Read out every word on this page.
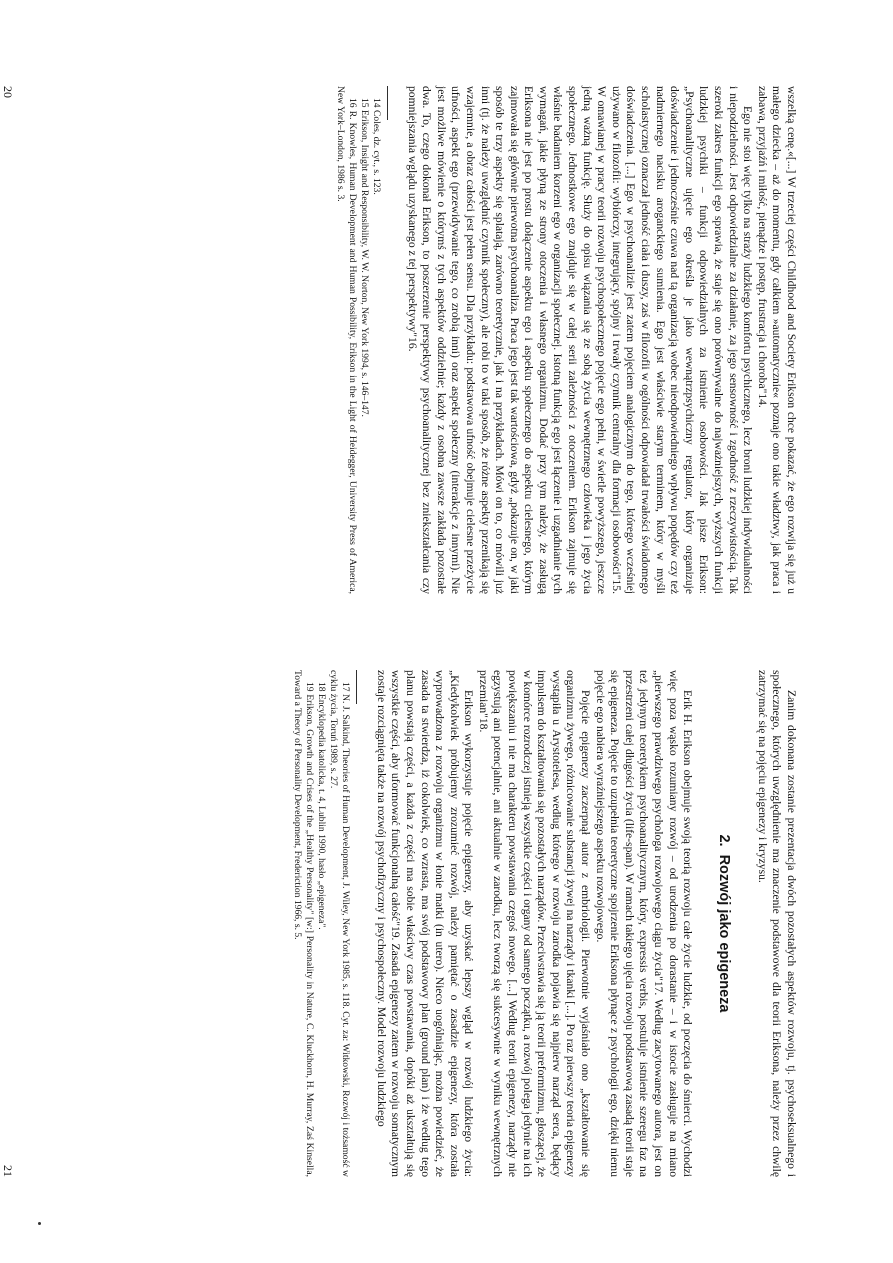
wszelką cenę.«[...] W trzeciej części Childhood and Society Erikson chce pokazać, że ego rozwija się już u małego dziecka – aż do momentu, gdy całkiem »automatycznie« poznaje ono takie władztwy, jak praca i zabawa, przyjaźń i miłość, pienądze i postęp, frustracja i choroba"14.

Ego nie stoi więc tylko na straży ludzkiego komfortu psychicznego, lecz broni ludzkiej indywidualności i niepodzielności. Jest odpowiedzialne za działanie, za jego sensowność i zgodność z rzeczywistością. Tak szeroki zakres funkcji ego sprawia, że staje się ono porównywalne do najważniejszych, wyższych funkcji ludzkiej psychiki – funkcji odpowiedzialnych za istnienie osobowości. Jak pisze Erikson: „Psychoanalityczne ujęcie ego określa je jako wewnątrzpsychiczny regulator, który organizuje doświadczenie i jednocześnie czuwa nad tą organizacją wobec nieodpowiedniego wpływu popędów czy też nadmiernego nacisku aroganckiego sumienia. Ego jest właściwie starym terminem, który w myśli scholastycznej oznaczał jedność ciała i duszy, zaś w filozofii w ogólności odpowiadał trwałości świadomego doświadczenia. [...] Ego w psychoanalizie jest zatem pojęciem analogicznym do tego, którego wcześniej używano w filozofii: wybiórczy, integrujący, spójny i trwały czynnik centralny dla formacji osobowości"15. W omawianej w pracy teorii rozwoju psychospołecznego pojęcie ego pełni, w świetle powyższego, jeszcze jedną ważną funkcję. Służy do opisu wiązania się ze sobą życia wewnętrznego człowieka i jego życia społecznego. Jednostkowe ego znajduje się w całej serii zależności z otoczeniem. Erikson zajmuje się właśnie badaniem korzeni ego w organizacji społecznej. Istotną funkcją ego jest łączenie i uzgadnianie tych wymagań, jakie płyną ze strony otoczenia i własnego organizmu. Dodać przy tym należy, że zasługą Eriksona nie jest po prostu dołączenie aspektu ego i aspektu społecznego do aspektu cielesnego, którym zajmowała się głównie pierwotna psychoanaliza. Praca jego jest tak wartościowa, gdyż „pokazuje on, w jaki sposób te trzy aspekty się splatają, zarówno teoretycznie, jak i na przykładach. Mówi on to, co mówili już inni (tj. że należy uwzględnić czynnik społeczny), ale robi to w taki sposób, że różne aspekty przenikają się wzajemnie, a obraz całości jest pełen sensu. Dla przykładu: podstawowa ufność obejmuje cielesne przeżycie ufności, aspekt ego (przewidywanie tego, co zrobią inni) oraz aspekt społeczny (interakcje z innymi). Nie jest możliwe mówienie o którymś z tych aspektów oddzielnie; każdy z osobna zawsze zakłada pozostałe dwa. To, czego dokonał Erikson, to poszerzenie perspektywy psychoanalitycznej bez zniekształcania czy pomniejszania wglądu uzyskanego z tej perspektywy"16.

14 Coles, dz. cyt., s. 123.

15 Erikson, Insight and Responsibility, W. W. Norton, New York 1994, s. 146–147.

16 R. Knowles, Human Development and Human Possibility, Erikson in the Light of Heidegger, University Press of America, New York–London, 1986 s. 3.

20

Zanim dokonana zostanie prezentacja dwóch pozostałych aspektów rozwoju, tj. psychoseksualnego i społecznego, których uwzględnienie ma znaczenie podstawowe dla teorii Eriksona, należy przez chwilę zatrzymać się na pojęciu epigenezy i kryzysu.

2.Rozwój jako epigeneza

Erik H. Erikson obejmuje swoją teorią rozwoju całe życie ludzkie, od poczęcia do śmierci. Wychodzi więc poza wąsko rozumiany rozwój – od urodzenia po dorastanie – i w istocie zasługuje na miano „pierwszego prawdziwego psychologa rozwojowego ciągu życia"17. Według zacytowanego autora, jest on też jedynym teoretykiem psychoanalitycznym, który, expressis verbis, postuluje istnienie szeregu faz na przestrzeni całej długości życia (life-span). W ramach takiego ujęcia rozwoju podstawową zasadą teorii staje się epigeneza. Pojęcie to uzupełnia teoretyczne spojrzenie Eriksona płynące z psychologii ego, dzięki niemu pojęcie ego nabiera wyraźniejszego aspektu rozwojowego.

Pojęcie epigenezy zaczerpnął autor z embriologii. Pierwotnie wyjaśniało ono „kształtowanie się organizmu żywego, różnicowanie substancji żywej na narządy i tkanki [...]. Po raz pierwszy teoria epigenezy wystąpiła u Arystotelesa, według którego w rozwoju zarodka pojawia się najpierw narząd serca, będący impulsem do kształtowania się pozostałych narządów. Przeciwstawia się ją teorii preformizmu, głoszącej, że w komórce rozrodczej istnieją wszystkie części i organy od samego początku, a rozwój polega jedynie na ich powiększaniu i nie ma charakteru powstawania czegoś nowego. [...] Według teorii epigenezy, narządy nie egzystują ani potencjalnie, ani aktualnie w zarodku, lecz tworzą się sukcesywnie w wyniku wewnętrznych przemian"18.

Erikson wykorzystuje pojęcie epigenezy, aby uzyskać lepszy wgląd w rozwój ludzkiego życia: „Kiedykolwiek próbujemy zrozumieć rozwój, należy pamiętać o zasadzie epigenezy, która została wyprowadzona z rozwoju organizmu w łonie matki (in utero). Nieco uogólniając, można powiedzieć, że zasada ta stwierdza, iż cokolwiek, co wzrasta, ma swój podstawowy plan (ground plan) i że według tego planu powstają części, a każda z części ma sobie właściwy czas powstawania, dopóki aż ukształtują się wszystkie części, aby uformować funkcjonalną całość"19. Zasada epigenezy zatem w rozwoju somatycznym zostaje rozciągnięta także na rozwój psychofizyczny i psychospołeczny. Model rozwoju ludzkiego

17 N. J. Salkind, Theories of Human Development, J. Wiley, New York 1985, s. 118. Cyt. za: Witkowski, Rozwój i tożsamość w cyklu życia, Toruń 1989, s. 27.

18 Encyklopedia katolicka, t. 4, Lublin 1990, hasło „epigeneza".

19 Erikson, Growth and Crises of the „Healthy Personality" [w:] Personality in Nature, C. Kluckhorn, H. Murray, Zaś Kinsella, Toward a Theory of Personality Development, Frederiction 1966, s. 5.

21
